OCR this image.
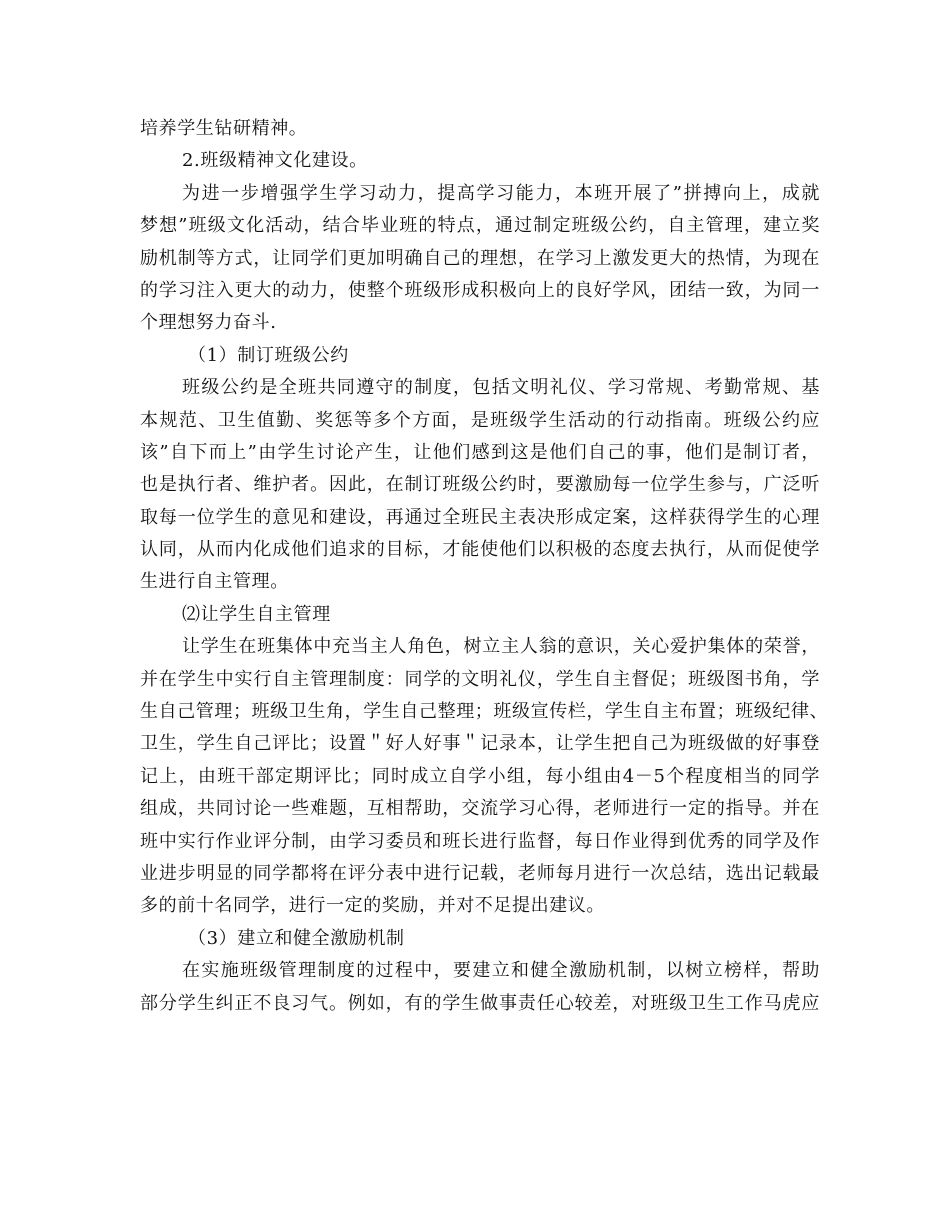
培养学生钻研精神。
2.班级精神文化建设。
为进一步增强学生学习动力，提高学习能力，本班开展了”拼搏向上，成就
梦想”班级文化活动，结合毕业班的特点，通过制定班级公约，自主管理，建立奖
励机制等方式，让同学们更加明确自己的理想，在学习上激发更大的热情，为现在
的学习注入更大的动力，使整个班级形成积极向上的良好学风，团结一致，为同一
个理想努力奋斗.
（1）制订班级公约
班级公约是全班共同遵守的制度，包括文明礼仪、学习常规、考勤常规、基
本规范、卫生值勤、奖惩等多个方面，是班级学生活动的行动指南。班级公约应
该”自下而上”由学生讨论产生，让他们感到这是他们自己的事，他们是制订者，
也是执行者、维护者。因此，在制订班级公约时，要激励每一位学生参与，广泛听
取每一位学生的意见和建设，再通过全班民主表决形成定案，这样获得学生的心理
认同，从而内化成他们追求的目标，才能使他们以积极的态度去执行，从而促使学
生进行自主管理。
⑵让学生自主管理
让学生在班集体中充当主人角色，树立主人翁的意识，关心爱护集体的荣誉，
并在学生中实行自主管理制度：同学的文明礼仪，学生自主督促；班级图书角，学
生自己管理；班级卫生角，学生自己整理；班级宣传栏，学生自主布置；班级纪律、
卫生，学生自己评比；设置＂好人好事＂记录本，让学生把自己为班级做的好事登
记上，由班干部定期评比；同时成立自学小组，每小组由4－5个程度相当的同学
组成，共同讨论一些难题，互相帮助，交流学习心得，老师进行一定的指导。并在
班中实行作业评分制，由学习委员和班长进行监督，每日作业得到优秀的同学及作
业进步明显的同学都将在评分表中进行记载，老师每月进行一次总结，选出记载最
多的前十名同学，进行一定的奖励，并对不足提出建议。
（3）建立和健全激励机制
在实施班级管理制度的过程中，要建立和健全激励机制，以树立榜样，帮助
部分学生纠正不良习气。例如，有的学生做事责任心较差，对班级卫生工作马虎应
